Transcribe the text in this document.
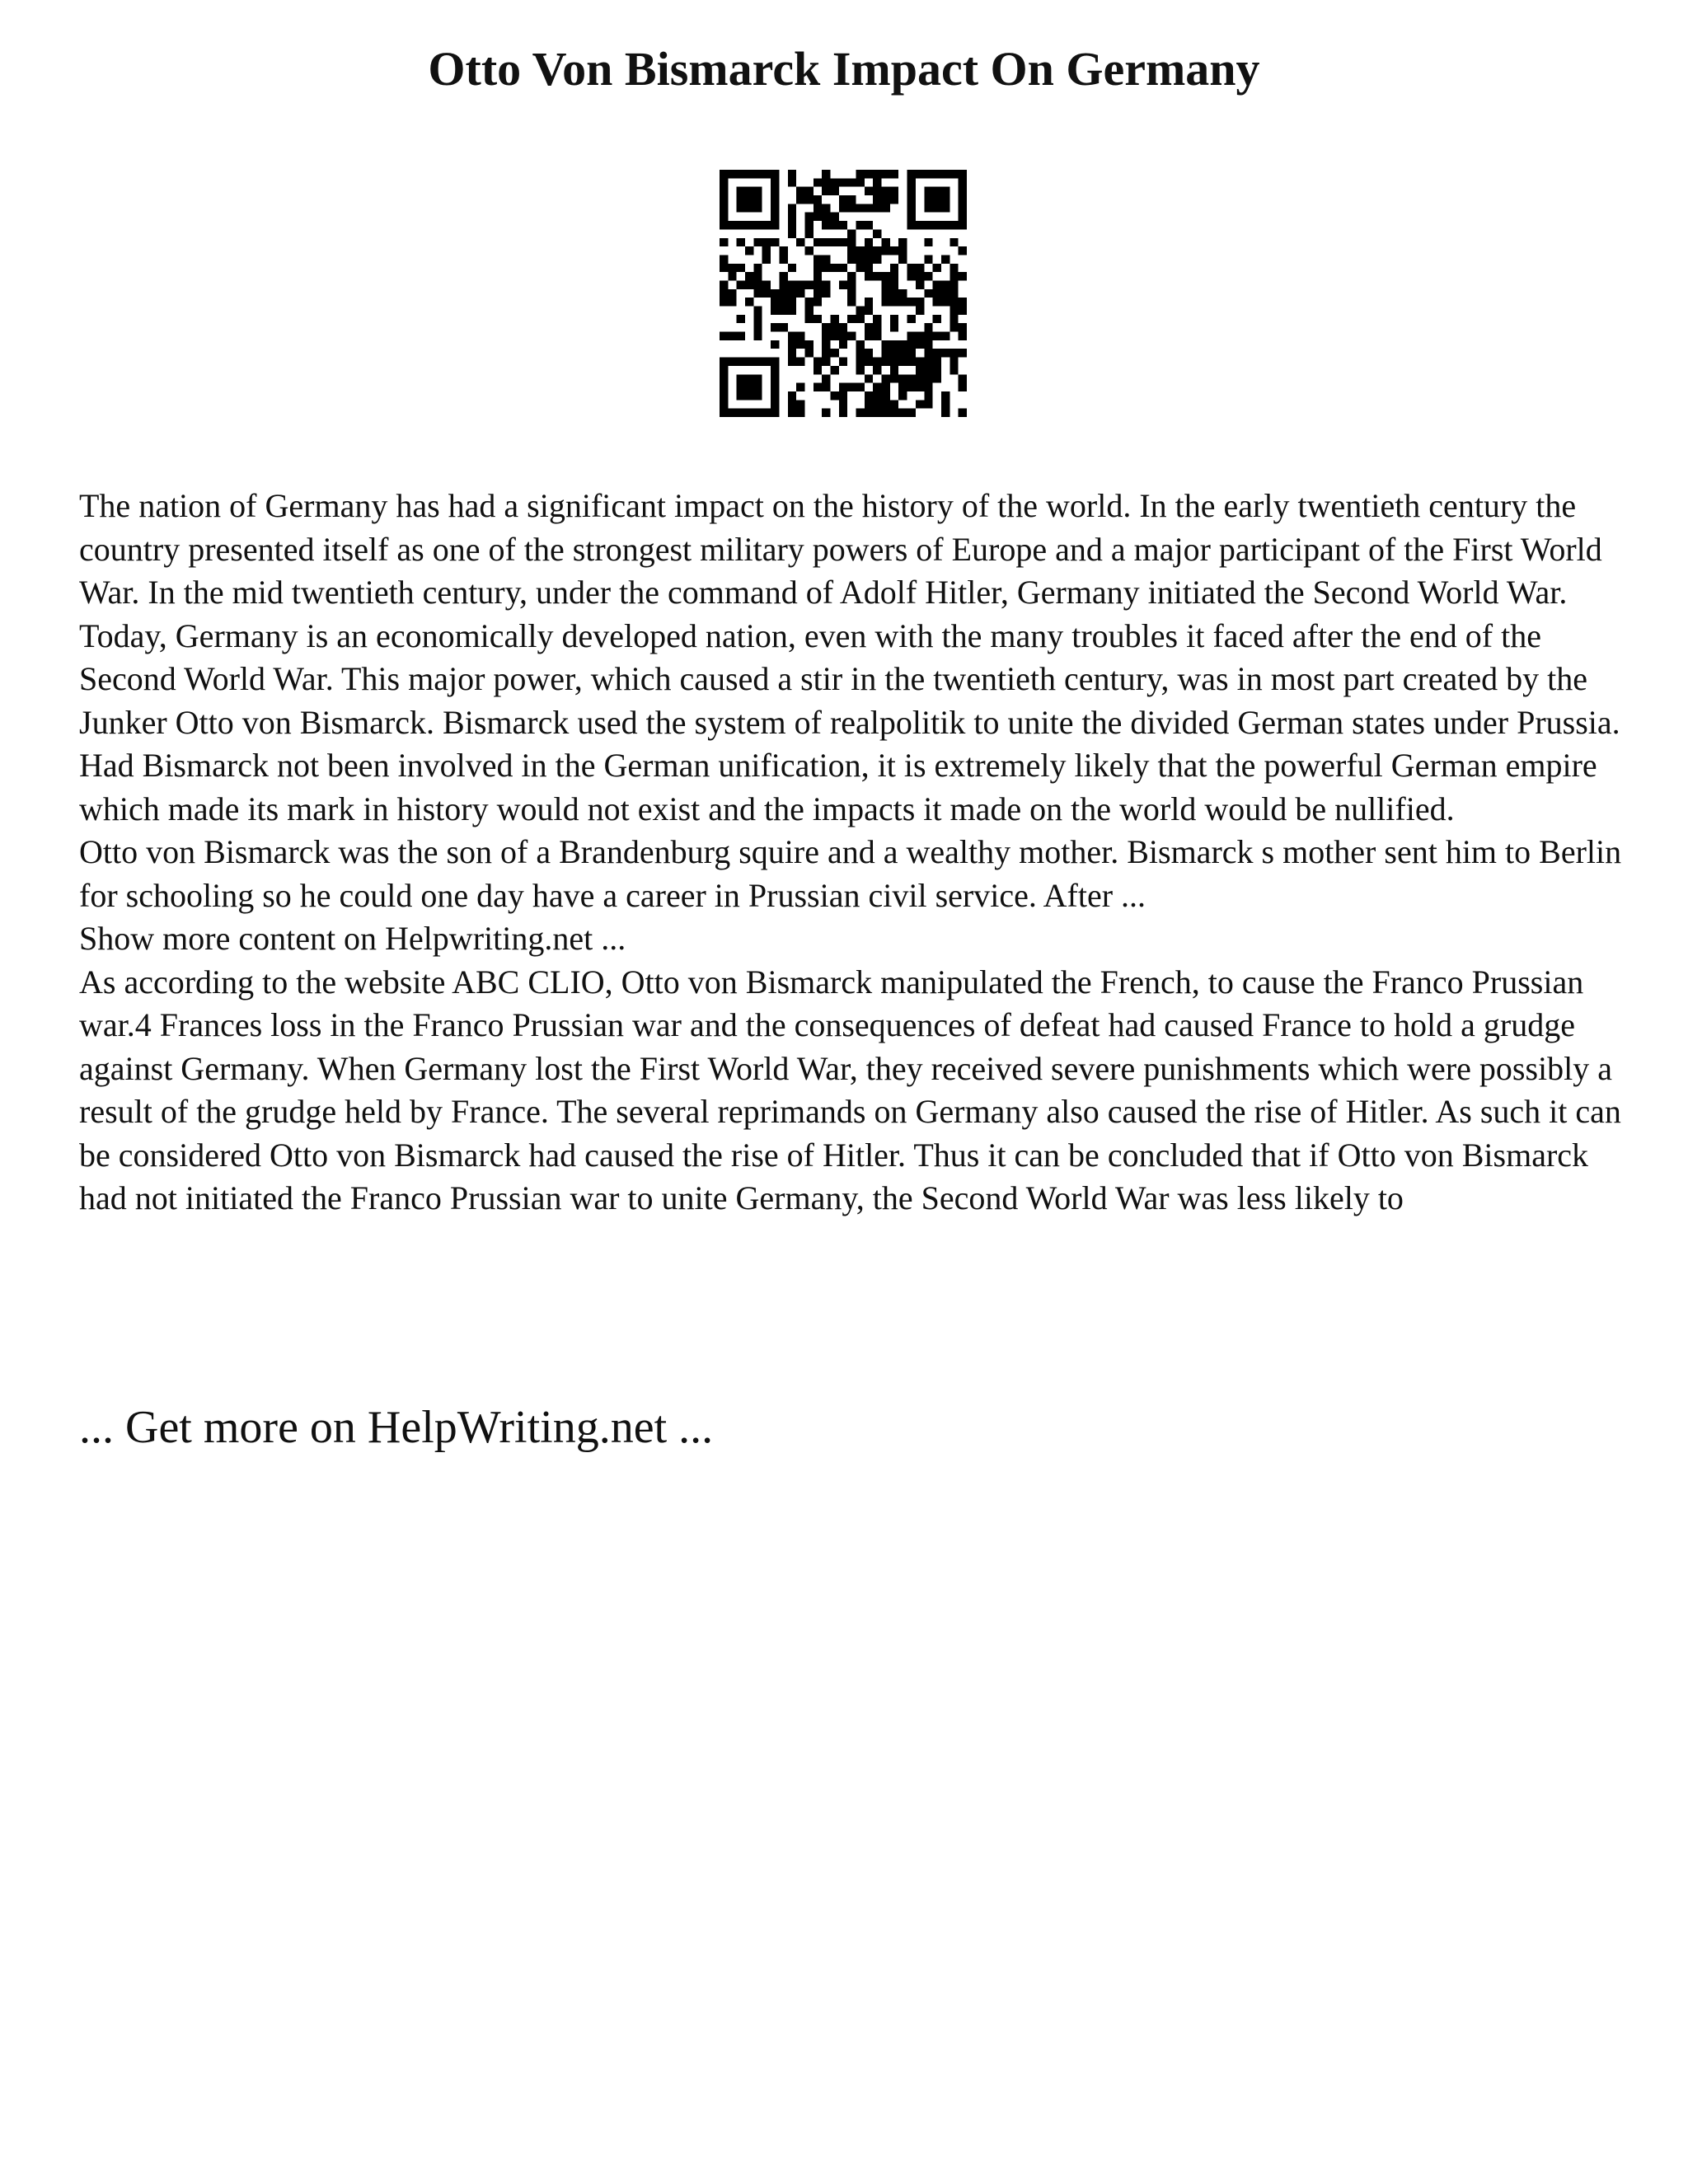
Otto Von Bismarck Impact On Germany

The nation of Germany has had a significant impact on the history of the world. In the early twentieth century the country presented itself as one of the strongest military powers of Europe and a major participant of the First World War. In the mid twentieth century, under the command of Adolf Hitler, Germany initiated the Second World War. Today, Germany is an economically developed nation, even with the many troubles it faced after the end of the Second World War. This major power, which caused a stir in the twentieth century, was in most part created by the Junker Otto von Bismarck. Bismarck used the system of realpolitik to unite the divided German states under Prussia. Had Bismarck not been involved in the German unification, it is extremely likely that the powerful German empire which made its mark in history would not exist and the impacts it made on the world would be nullified.

Otto von Bismarck was the son of a Brandenburg squire and a wealthy mother. Bismarck s mother sent him to Berlin for schooling so he could one day have a career in Prussian civil service. After ...

Show more content on Helpwriting.net ...

As according to the website ABC CLIO, Otto von Bismarck manipulated the French, to cause the Franco Prussian war.4 Frances loss in the Franco Prussian war and the consequences of defeat had caused France to hold a grudge against Germany. When Germany lost the First World War, they received severe punishments which were possibly a result of the grudge held by France. The several reprimands on Germany also caused the rise of Hitler. As such it can be considered Otto von Bismarck had caused the rise of Hitler. Thus it can be concluded that if Otto von Bismarck had not initiated the Franco Prussian war to unite Germany, the Second World War was less likely to

... Get more on HelpWriting.net ...
